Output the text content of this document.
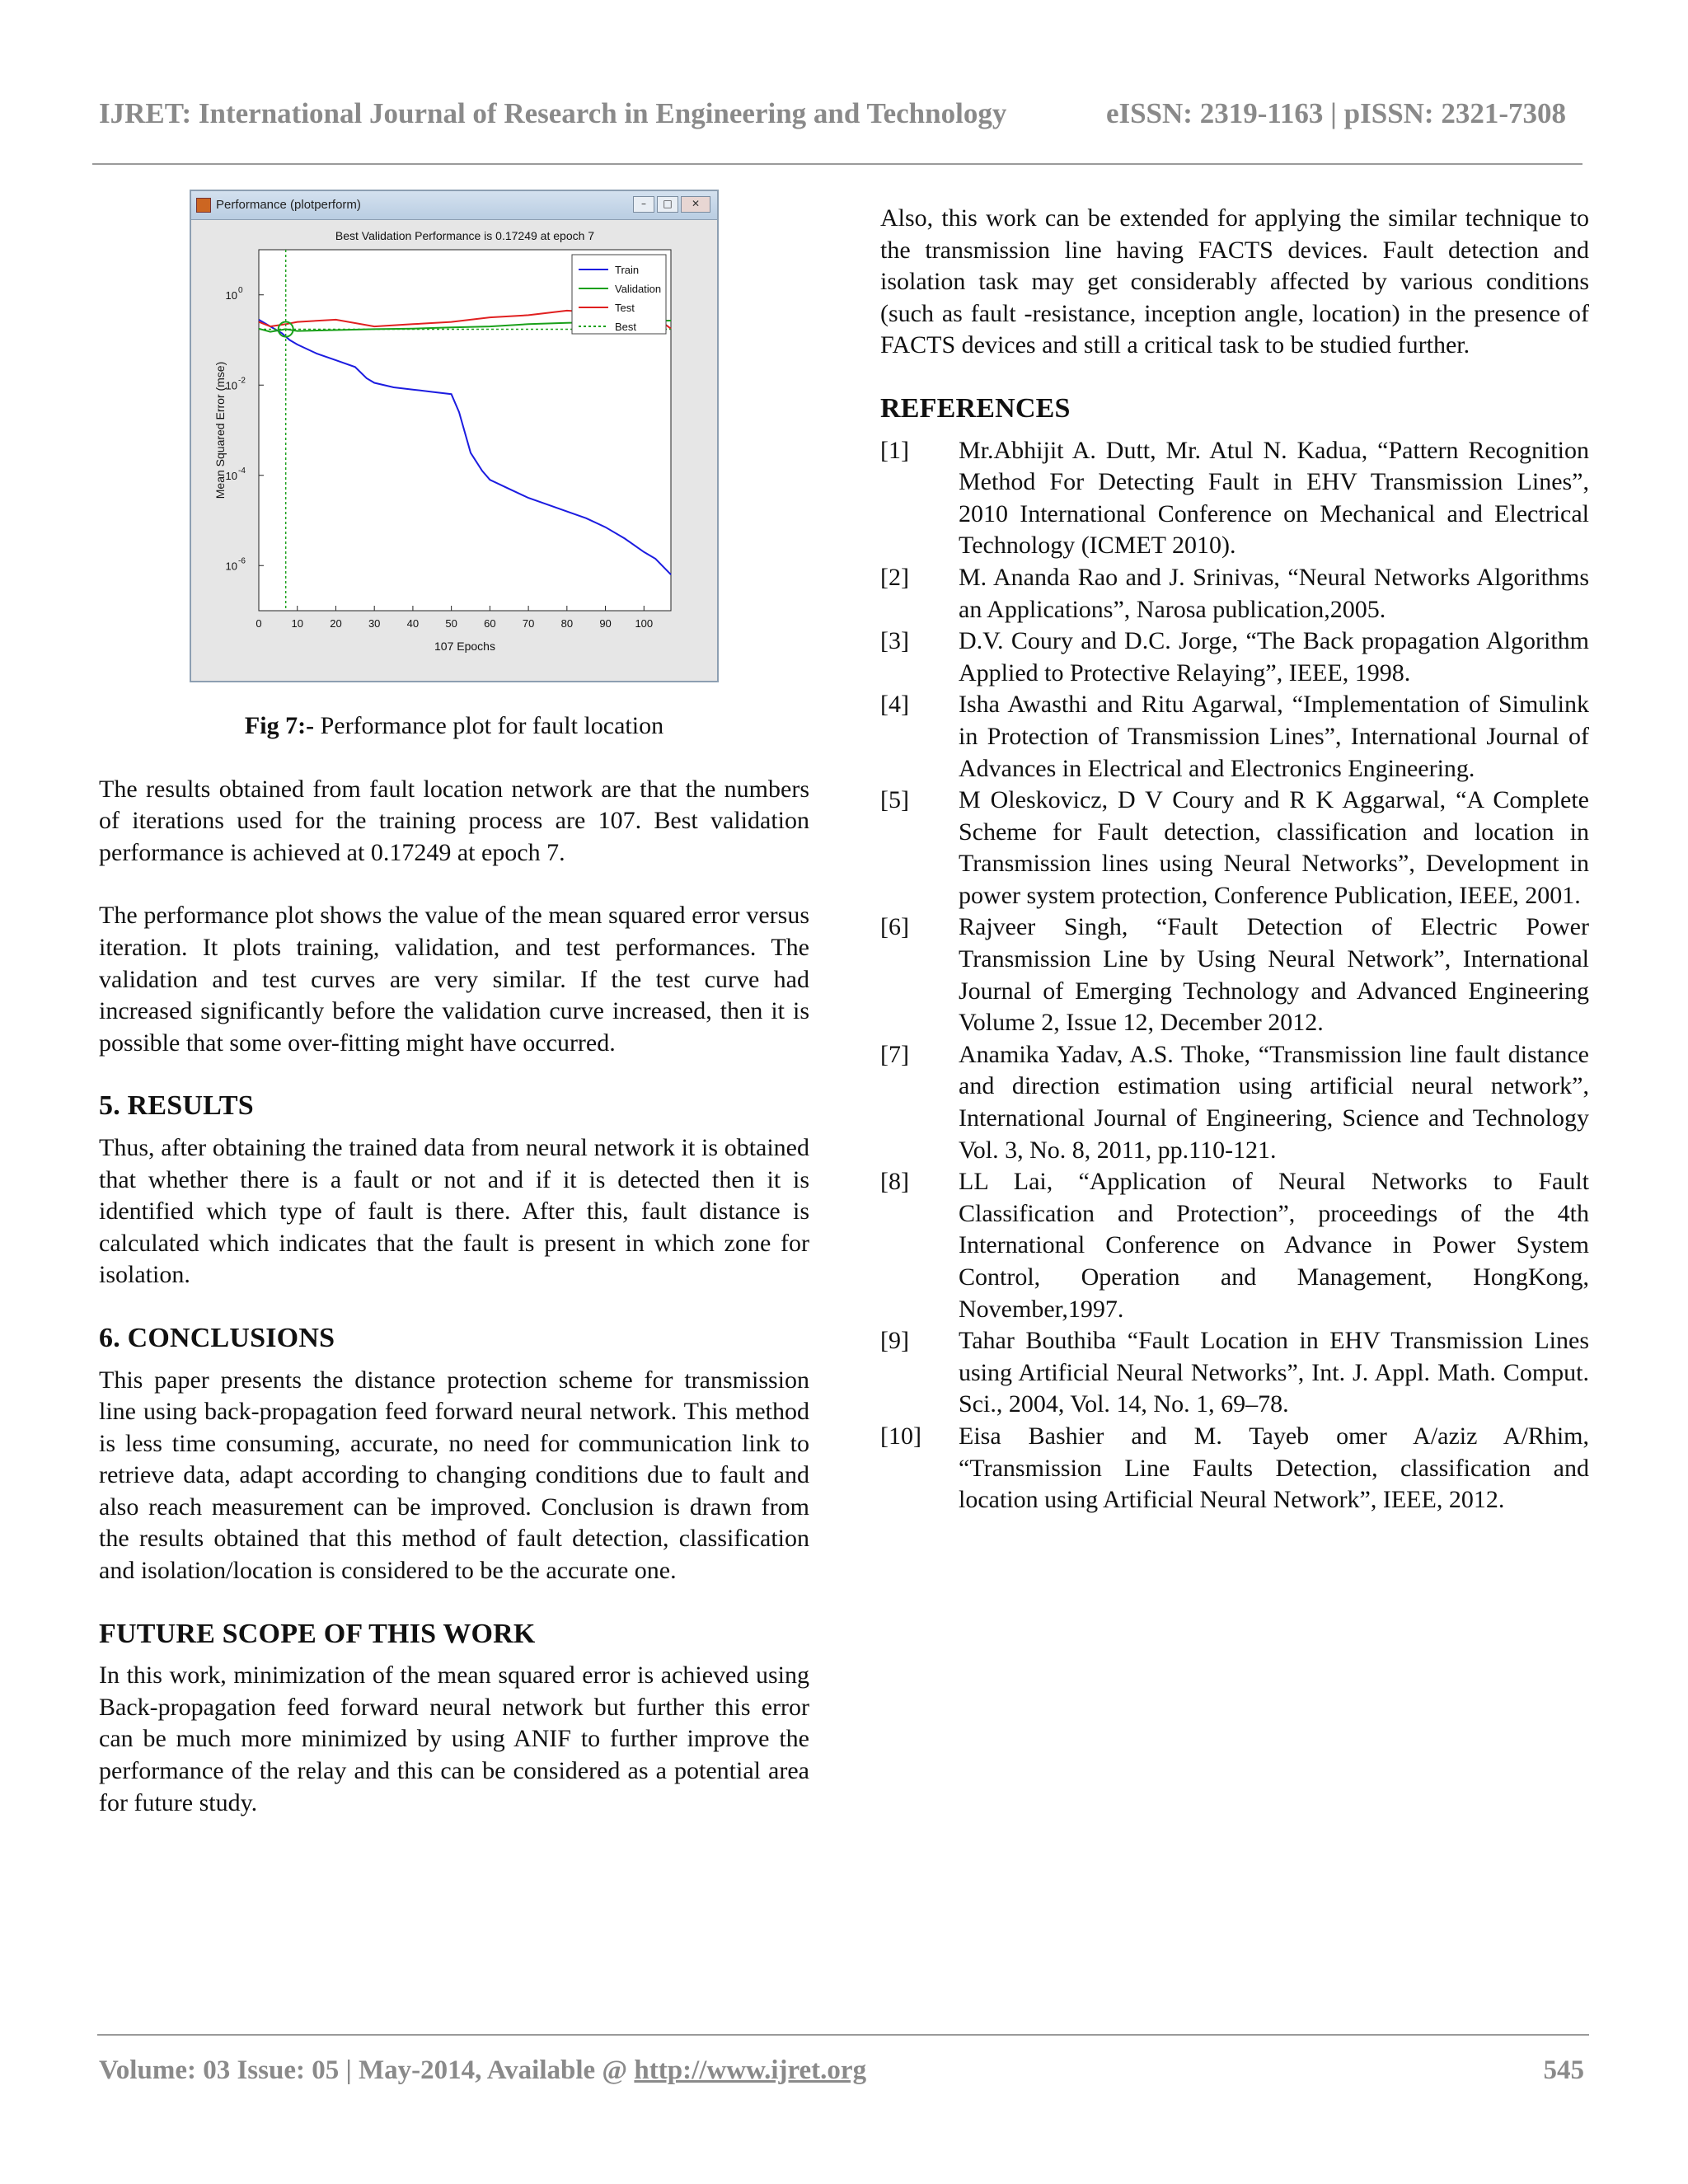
IJRET: International Journal of Research in Engineering and Technology	eISSN: 2319-1163 | pISSN: 2321-7308
Performance (plotperform)	–	□	✕
Best Validation Performance is 0.17249 at epoch 7
0	10 20 30 40 50 60 70 80 90 100
10 0
10 -2
10 -4
10 -6
Train
Validation
Test
Best
107 Epochs
Mean Squared Error (mse)
Fig 7:- Performance plot for fault location

The results obtained from fault location network are that the numbers of iterations used for the training process are 107. Best validation performance is achieved at 0.17249 at epoch 7.

The performance plot shows the value of the mean squared error versus iteration. It plots training, validation, and test performances. The validation and test curves are very similar. If the test curve had increased significantly before the validation curve increased, then it is possible that some over-fitting might have occurred.

5. RESULTS

Thus, after obtaining the trained data from neural network it is obtained that whether there is a fault or not and if it is detected then it is identified which type of fault is there. After this, fault distance is calculated which indicates that the fault is present in which zone for isolation.

6. CONCLUSIONS

This paper presents the distance protection scheme for transmission line using back-propagation feed forward neural network. This method is less time consuming, accurate, no need for communication link to retrieve data, adapt according to changing conditions due to fault and also reach measurement can be improved. Conclusion is drawn from the results obtained that this method of fault detection, classification and isolation/location is considered to be the accurate one.

FUTURE SCOPE OF THIS WORK

In this work, minimization of the mean squared error is achieved using Back-propagation feed forward neural network but further this error can be much more minimized by using ANIF to further improve the performance of the relay and this can be considered as a potential area for future study.

Also, this work can be extended for applying the similar technique to the transmission line having FACTS devices. Fault detection and isolation task may get considerably affected by various conditions (such as fault -resistance, inception angle, location) in the presence of FACTS devices and still a critical task to be studied further.

REFERENCES
[1]	Mr.Abhijit A. Dutt, Mr. Atul N. Kadua, “Pattern Recognition Method For Detecting Fault in EHV Transmission Lines”, 2010 International Conference on Mechanical and Electrical Technology (ICMET 2010).
[2]	M. Ananda Rao and J. Srinivas, “Neural Networks Algorithms an Applications”, Narosa publication,2005.
[3]	D.V. Coury and D.C. Jorge, “The Back propagation Algorithm Applied to Protective Relaying”, IEEE, 1998.
[4]	Isha Awasthi and Ritu Agarwal, “Implementation of Simulink in Protection of Transmission Lines”, International Journal of Advances in Electrical and Electronics Engineering.
[5]	M Oleskovicz, D V Coury and R K Aggarwal, “A Complete Scheme for Fault detection, classification and location in Transmission lines using Neural Networks”, Development in power system protection, Conference Publication, IEEE, 2001.
[6]	Rajveer Singh, “Fault Detection of Electric Power Transmission Line by Using Neural Network”, International Journal of Emerging Technology and Advanced Engineering Volume 2, Issue 12, December 2012.
[7]	Anamika Yadav, A.S. Thoke, “Transmission line fault distance and direction estimation using artificial neural network”, International Journal of Engineering, Science and Technology Vol. 3, No. 8, 2011, pp.110-121.
[8]	LL Lai, “Application of Neural Networks to Fault Classification and Protection”, proceedings of the 4th International Conference on Advance in Power System Control, Operation and Management, HongKong, November,1997.
[9]	Tahar Bouthiba “Fault Location in EHV Transmission Lines using Artificial Neural Networks”, Int. J. Appl. Math. Comput. Sci., 2004, Vol. 14, No. 1, 69–78.
[10]	Eisa Bashier and M. Tayeb omer A/aziz A/Rhim, “Transmission Line Faults Detection, classification and location using Artificial Neural Network”, IEEE, 2012.
Volume: 03 Issue: 05 | May-2014, Available @ http://www.ijret.org	545
